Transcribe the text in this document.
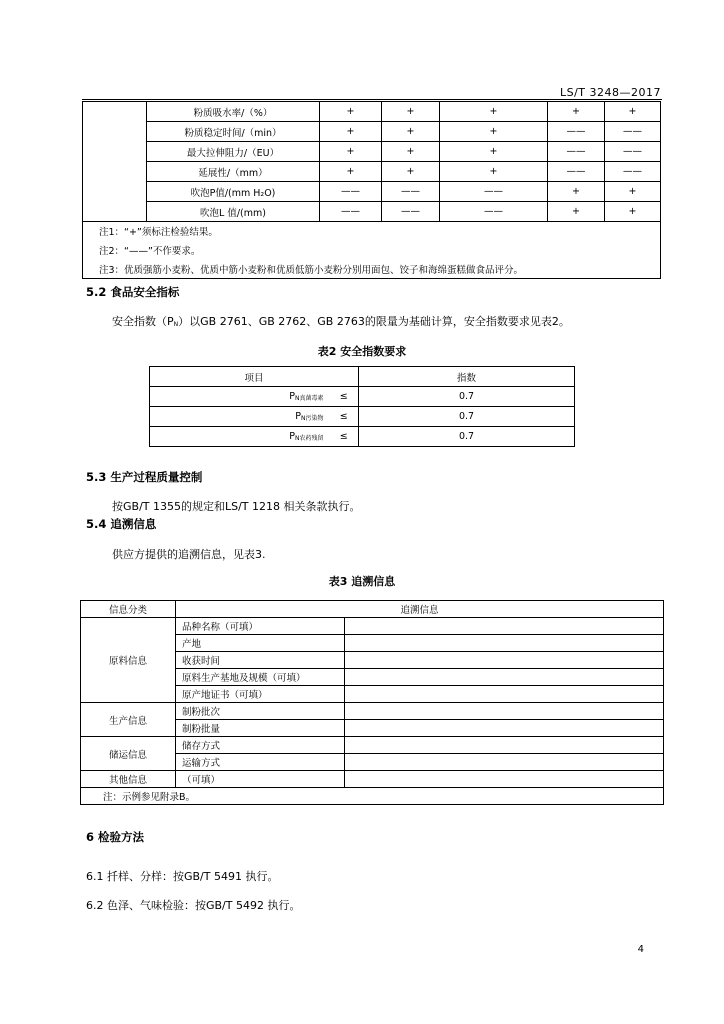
LS/T 3248—2017
	粉质吸水率/（%）	+	+	+	+	+
	粉质稳定时间/（min）	+	+	+	——	——
	最大拉伸阻力/（EU）	+	+	+	——	——
	延展性/（mm）	+	+	+	——	——
	吹泡P值/(mm H₂O)	——	——	——	+	+
	吹泡L 值/(mm)	——	——	——	+	+
注1：“+”须标注检验结果。						
注2：“——”不作要求。						
注3：优质强筋小麦粉、优质中筋小麦粉和优质低筋小麦粉分别用面包、饺子和海绵蛋糕做食品评分。						
5.2 食品安全指标
安全指数$(P_N)$以GB 2761、GB 2762、GB 2763的限量为基础计算，安全指数要求见表2。
表2 安全指数要求
项目		指数
$P_{N真菌毒素}$	≤	0.7
$P_{N污染物}$	≤	0.7
$P_{N农药残留}$	≤	0.7
5.3 生产过程质量控制
按GB/T 1355的规定和LS/T 1218 相关条款执行。
5.4 追溯信息
供应方提供的追溯信息，见表3.
表3 追溯信息
信息分类	追溯信息	
原料信息	品种名称（可填）	
	产地	
	收获时间	
	原料生产基地及规模（可填）	
	原产地证书（可填）	
生产信息	制粉批次	
	制粉批量	
储运信息	储存方式	
	运输方式	
其他信息	（可填）	
注：示例参见附录B。		
6 检验方法
6.1 扦样、分样：按GB/T 5491 执行。
6.2 色泽、气味检验：按GB/T 5492 执行。
4
